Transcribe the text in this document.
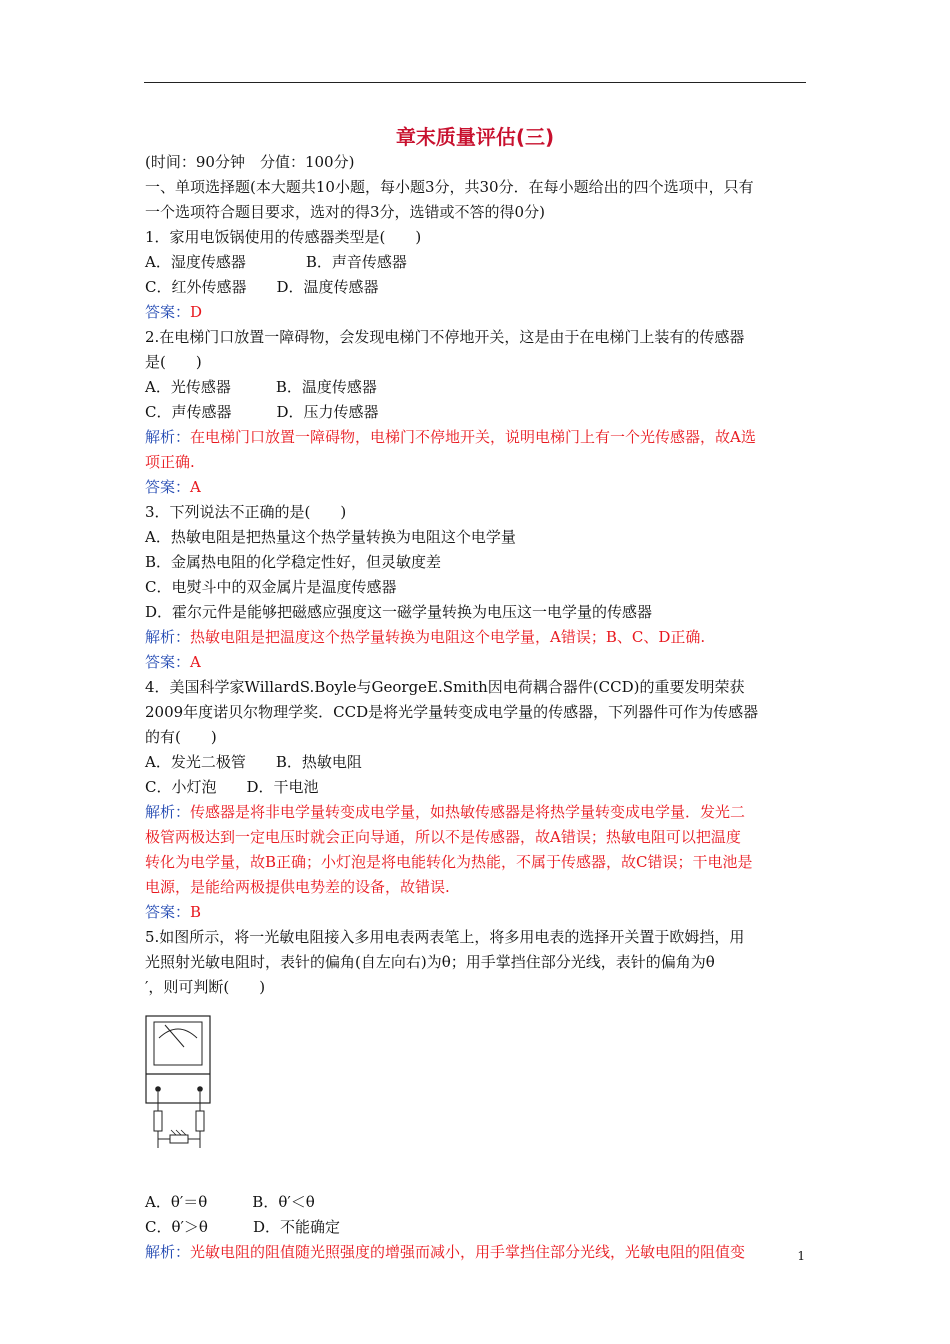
章末质量评估(三)
(时间：90分钟　分值：100分)
一、单项选择题(本大题共10小题，每小题3分，共30分．在每小题给出的四个选项中，只有
一个选项符合题目要求，选对的得3分，选错或不答的得0分)
1．家用电饭锅使用的传感器类型是(　　)
A．湿度传感器　　　　B．声音传感器
C．红外传感器　　D．温度传感器
答案：D
2.在电梯门口放置一障碍物，会发现电梯门不停地开关，这是由于在电梯门上装有的传感器
是(　　)
A．光传感器　　　B．温度传感器
C．声传感器　　　D．压力传感器
解析：在电梯门口放置一障碍物，电梯门不停地开关，说明电梯门上有一个光传感器，故A选
项正确.
答案：A
3．下列说法不正确的是(　　)
A．热敏电阻是把热量这个热学量转换为电阻这个电学量
B．金属热电阻的化学稳定性好，但灵敏度差
C．电熨斗中的双金属片是温度传感器
D．霍尔元件是能够把磁感应强度这一磁学量转换为电压这一电学量的传感器
解析：热敏电阻是把温度这个热学量转换为电阻这个电学量，A错误；B、C、D正确.
答案：A
4．美国科学家WillardS.Boyle与GeorgeE.Smith因电荷耦合器件(CCD)的重要发明荣获
2009年度诺贝尔物理学奖．CCD是将光学量转变成电学量的传感器，下列器件可作为传感器
的有(　　)
A．发光二极管　　B．热敏电阻
C．小灯泡　　D．干电池
解析：传感器是将非电学量转变成电学量，如热敏传感器是将热学量转变成电学量．发光二
极管两极达到一定电压时就会正向导通，所以不是传感器，故A错误；热敏电阻可以把温度
转化为电学量，故B正确；小灯泡是将电能转化为热能，不属于传感器，故C错误；干电池是
电源，是能给两极提供电势差的设备，故错误.
答案：B
5.如图所示，将一光敏电阻接入多用电表两表笔上，将多用电表的选择开关置于欧姆挡，用
光照射光敏电阻时，表针的偏角(自左向右)为θ；用手掌挡住部分光线，表针的偏角为θ
′，则可判断(　　)
A．θ′＝θ　　　B．θ′＜θ
C．θ′＞θ　　　D．不能确定
解析：光敏电阻的阻值随光照强度的增强而减小，用手掌挡住部分光线，光敏电阻的阻值变	1
